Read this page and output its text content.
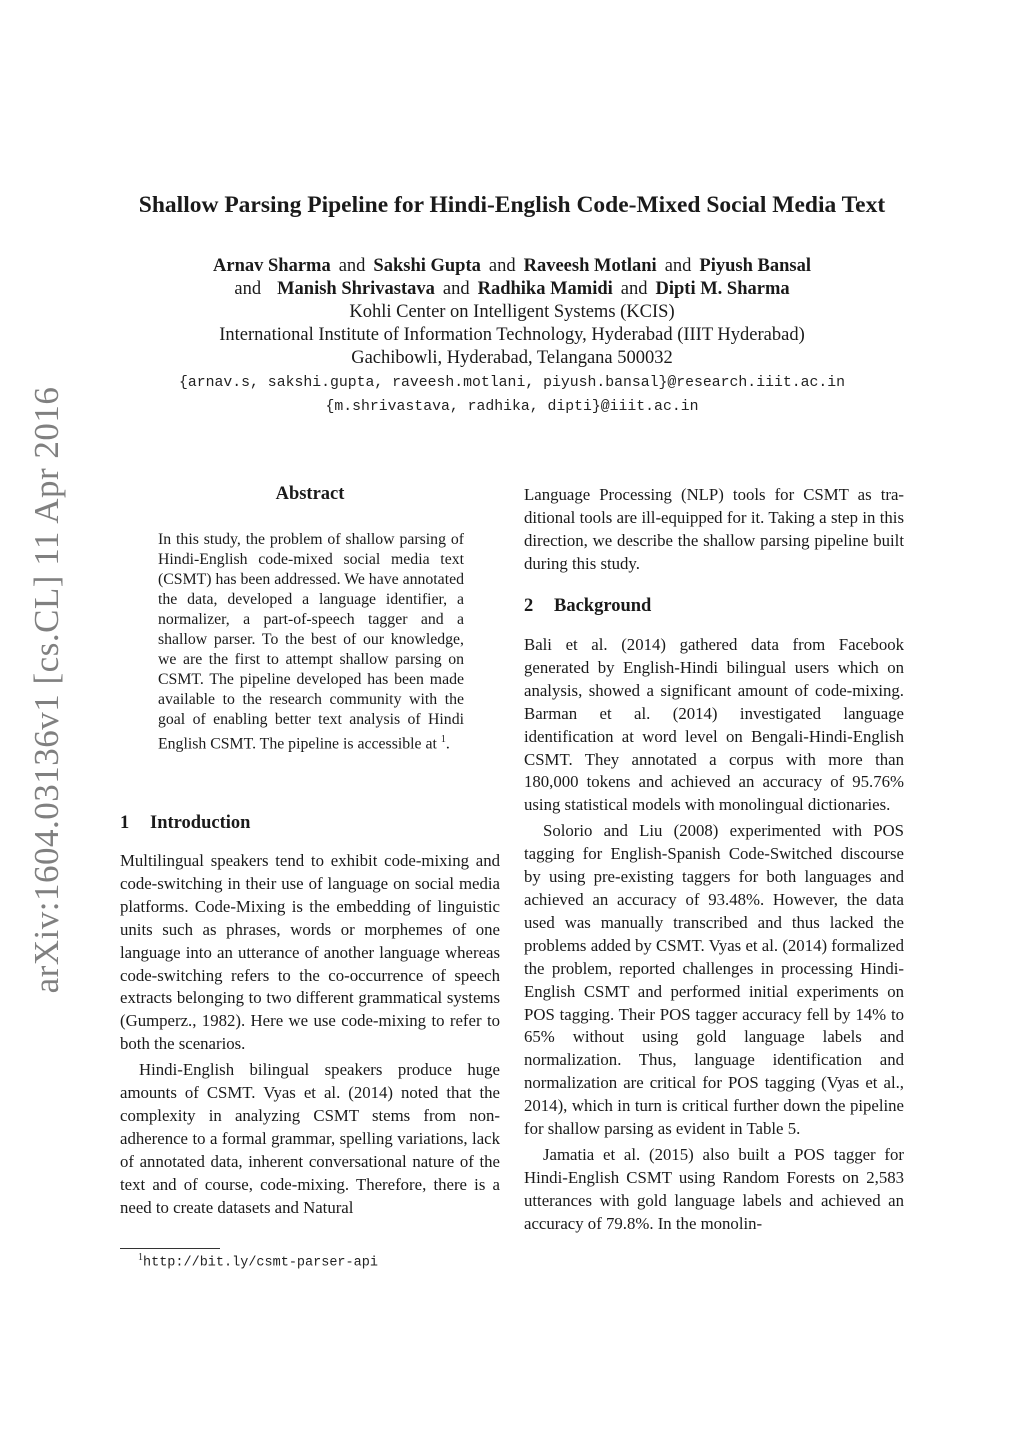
arXiv:1604.03136v1 [cs.CL] 11 Apr 2016
Shallow Parsing Pipeline for Hindi-English Code-Mixed Social Media Text
Arnav Sharma and Sakshi Gupta and Raveesh Motlani and Piyush Bansal
and Manish Shrivastava and Radhika Mamidi and Dipti M. Sharma
Kohli Center on Intelligent Systems (KCIS)
International Institute of Information Technology, Hyderabad (IIIT Hyderabad)
Gachibowli, Hyderabad, Telangana 500032
{arnav.s, sakshi.gupta, raveesh.motlani, piyush.bansal}@research.iiit.ac.in
{m.shrivastava, radhika, dipti}@iiit.ac.in
Abstract
In this study, the problem of shallow parsing of Hindi-English code-mixed social media text (CSMT) has been addressed. We have annotated the data, developed a language identifier, a normalizer, a part-of-speech tagger and a shallow parser. To the best of our knowledge, we are the first to attempt shallow parsing on CSMT. The pipeline developed has been made available to the research community with the goal of enabling better text analysis of Hindi English CSMT. The pipeline is accessible at $^1$.
1 Introduction

Multilingual speakers tend to exhibit code-mixing and code-switching in their use of language on social media platforms. Code-Mixing is the embedding of linguistic units such as phrases, words or morphemes of one language into an utterance of another language whereas code-switching refers to the co-occurrence of speech extracts belonging to two different grammatical systems (Gumperz., 1982). Here we use code-mixing to refer to both the scenarios.

Hindi-English bilingual speakers produce huge amounts of CSMT. Vyas et al. (2014) noted that the complexity in analyzing CSMT stems from non-adherence to a formal grammar, spelling variations, lack of annotated data, inherent conversational nature of the text and of course, code-mixing. Therefore, there is a need to create datasets and Natural

Language Processing (NLP) tools for CSMT as traditional tools are ill-equipped for it. Taking a step in this direction, we describe the shallow parsing pipeline built during this study.

2 Background

Bali et al. (2014) gathered data from Facebook generated by English-Hindi bilingual users which on analysis, showed a significant amount of code-mixing. Barman et al. (2014) investigated language identification at word level on Bengali-Hindi-English CSMT. They annotated a corpus with more than 180,000 tokens and achieved an accuracy of 95.76% using statistical models with monolingual dictionaries.

Solorio and Liu (2008) experimented with POS tagging for English-Spanish Code-Switched discourse by using pre-existing taggers for both languages and achieved an accuracy of 93.48%. However, the data used was manually transcribed and thus lacked the problems added by CSMT. Vyas et al. (2014) formalized the problem, reported challenges in processing Hindi-English CSMT and performed initial experiments on POS tagging. Their POS tagger accuracy fell by 14% to 65% without using gold language labels and normalization. Thus, language identification and normalization are critical for POS tagging (Vyas et al., 2014), which in turn is critical further down the pipeline for shallow parsing as evident in Table 5.

Jamatia et al. (2015) also built a POS tagger for Hindi-English CSMT using Random Forests on 2,583 utterances with gold language labels and achieved an accuracy of 79.8%. In the monolin-

$^1$http://bit.ly/csmt-parser-api
